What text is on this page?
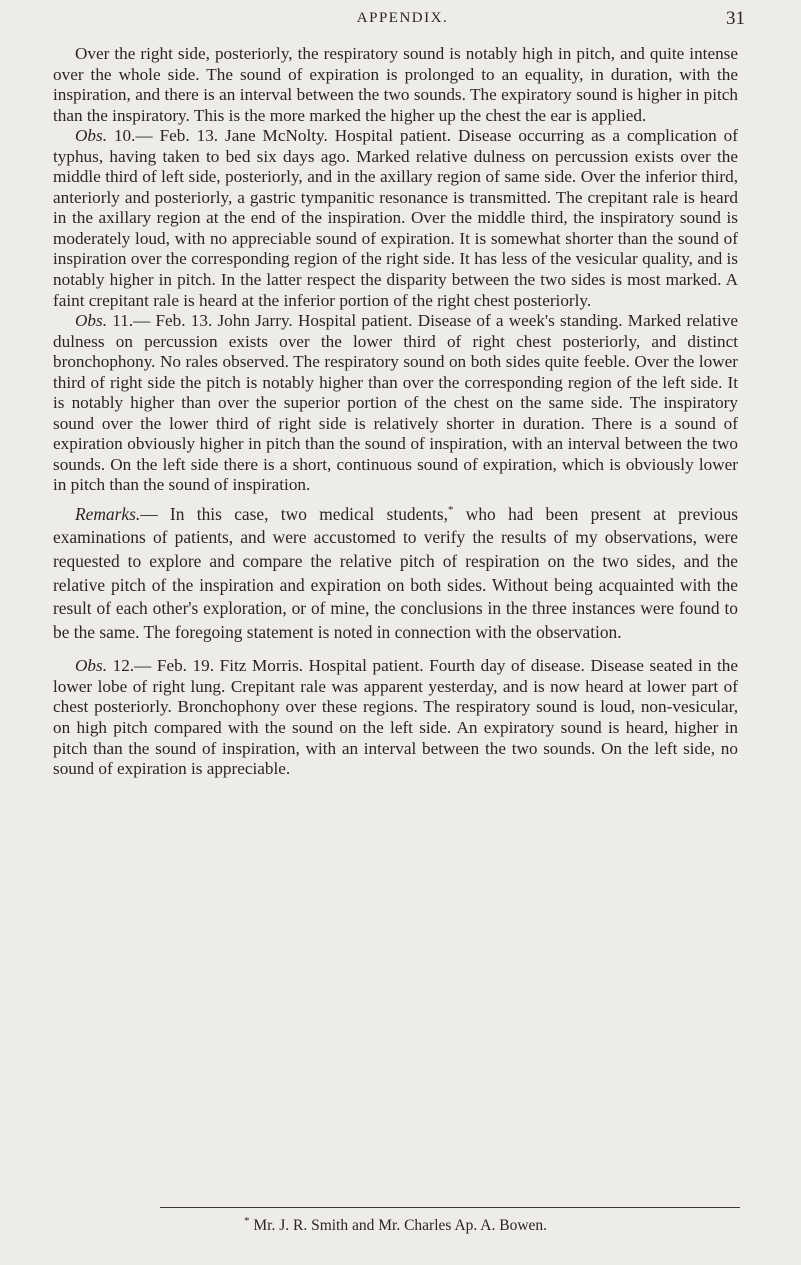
APPENDIX.	31

Over the right side, posteriorly, the respiratory sound is notably high in pitch, and quite intense over the whole side. The sound of expiration is prolonged to an equality, in duration, with the inspiration, and there is an interval between the two sounds. The expiratory sound is higher in pitch than the inspiratory. This is the more marked the higher up the chest the ear is applied.

Obs. 10.— Feb. 13. Jane McNolty. Hospital patient. Disease occurring as a complication of typhus, having taken to bed six days ago. Marked relative dulness on percussion exists over the middle third of left side, posteriorly, and in the axillary region of same side. Over the inferior third, anteriorly and posteriorly, a gastric tympanitic resonance is transmitted. The crepitant rale is heard in the axillary region at the end of the inspiration. Over the middle third, the inspiratory sound is moderately loud, with no appreciable sound of expiration. It is somewhat shorter than the sound of inspiration over the corresponding region of the right side. It has less of the vesicular quality, and is notably higher in pitch. In the latter respect the disparity between the two sides is most marked. A faint crepitant rale is heard at the inferior portion of the right chest posteriorly.

Obs. 11.— Feb. 13. John Jarry. Hospital patient. Disease of a week's standing. Marked relative dulness on percussion exists over the lower third of right chest posteriorly, and distinct bronchophony. No rales observed. The respiratory sound on both sides quite feeble. Over the lower third of right side the pitch is notably higher than over the corresponding region of the left side. It is notably higher than over the superior portion of the chest on the same side. The inspiratory sound over the lower third of right side is relatively shorter in duration. There is a sound of expiration obviously higher in pitch than the sound of inspiration, with an interval between the two sounds. On the left side there is a short, continuous sound of expiration, which is obviously lower in pitch than the sound of inspiration.

Remarks.— In this case, two medical students,* who had been present at previous examinations of patients, and were accustomed to verify the results of my observations, were requested to explore and compare the relative pitch of respiration on the two sides, and the relative pitch of the inspiration and expiration on both sides. Without being acquainted with the result of each other's exploration, or of mine, the conclusions in the three instances were found to be the same. The foregoing statement is noted in connection with the observation.

Obs. 12.— Feb. 19. Fitz Morris. Hospital patient. Fourth day of disease. Disease seated in the lower lobe of right lung. Crepitant rale was apparent yesterday, and is now heard at lower part of chest posteriorly. Bronchophony over these regions. The respiratory sound is loud, non-vesicular, on high pitch compared with the sound on the left side. An expiratory sound is heard, higher in pitch than the sound of inspiration, with an interval between the two sounds. On the left side, no sound of expiration is appreciable.

* Mr. J. R. Smith and Mr. Charles Ap. A. Bowen.
